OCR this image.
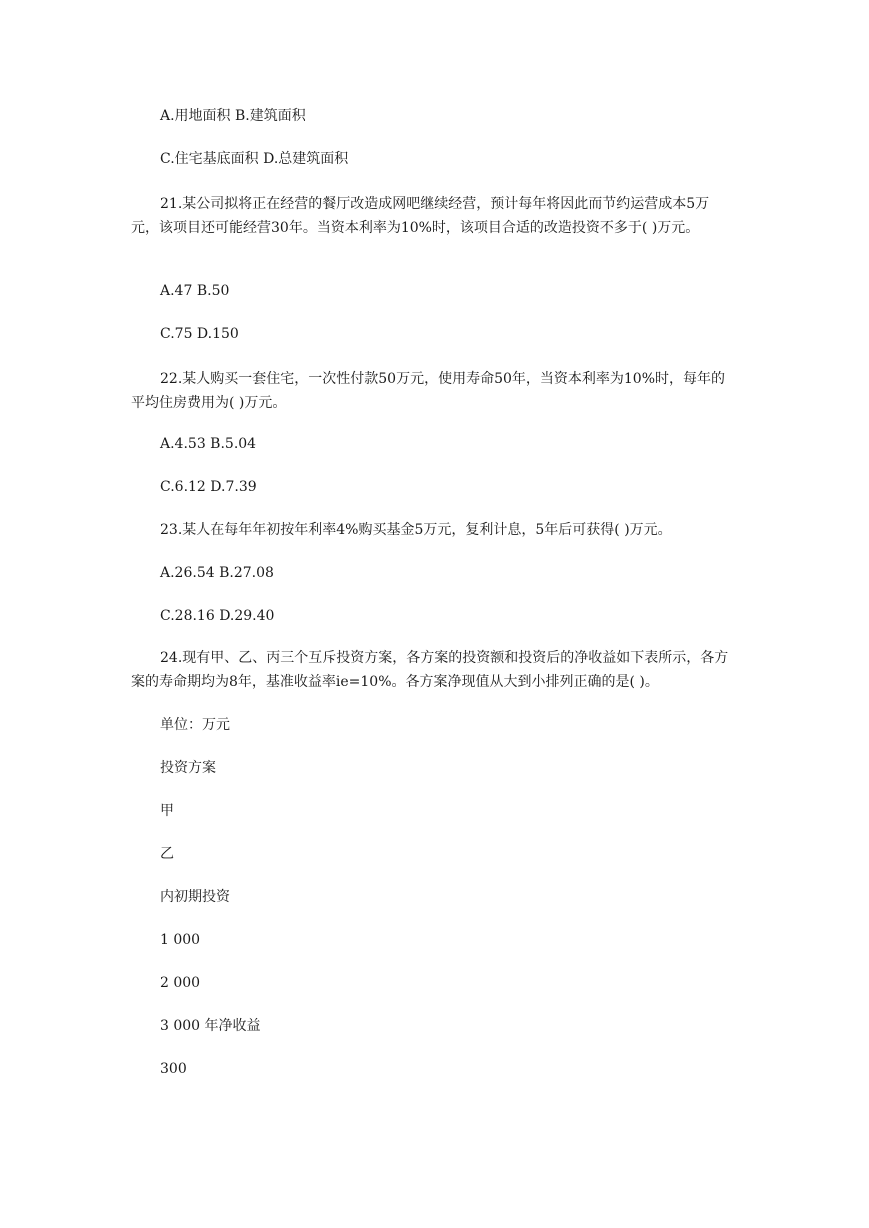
A.用地面积 B.建筑面积
C.住宅基底面积 D.总建筑面积
21.某公司拟将正在经营的餐厅改造成网吧继续经营，预计每年将因此而节约运营成本5万元，该项目还可能经营30年。当资本利率为10%时，该项目合适的改造投资不多于( )万元。
A.47 B.50
C.75 D.150
22.某人购买一套住宅，一次性付款50万元，使用寿命50年，当资本利率为10%时，每年的平均住房费用为( )万元。
A.4.53 B.5.04
C.6.12 D.7.39
23.某人在每年年初按年利率4%购买基金5万元，复利计息，5年后可获得( )万元。
A.26.54 B.27.08
C.28.16 D.29.40
24.现有甲、乙、丙三个互斥投资方案，各方案的投资额和投资后的净收益如下表所示，各方案的寿命期均为8年，基准收益率ie=10%。各方案净现值从大到小排列正确的是( )。
单位：万元
投资方案
甲
乙
内初期投资
1 000
2 000
3 000 年净收益
300
